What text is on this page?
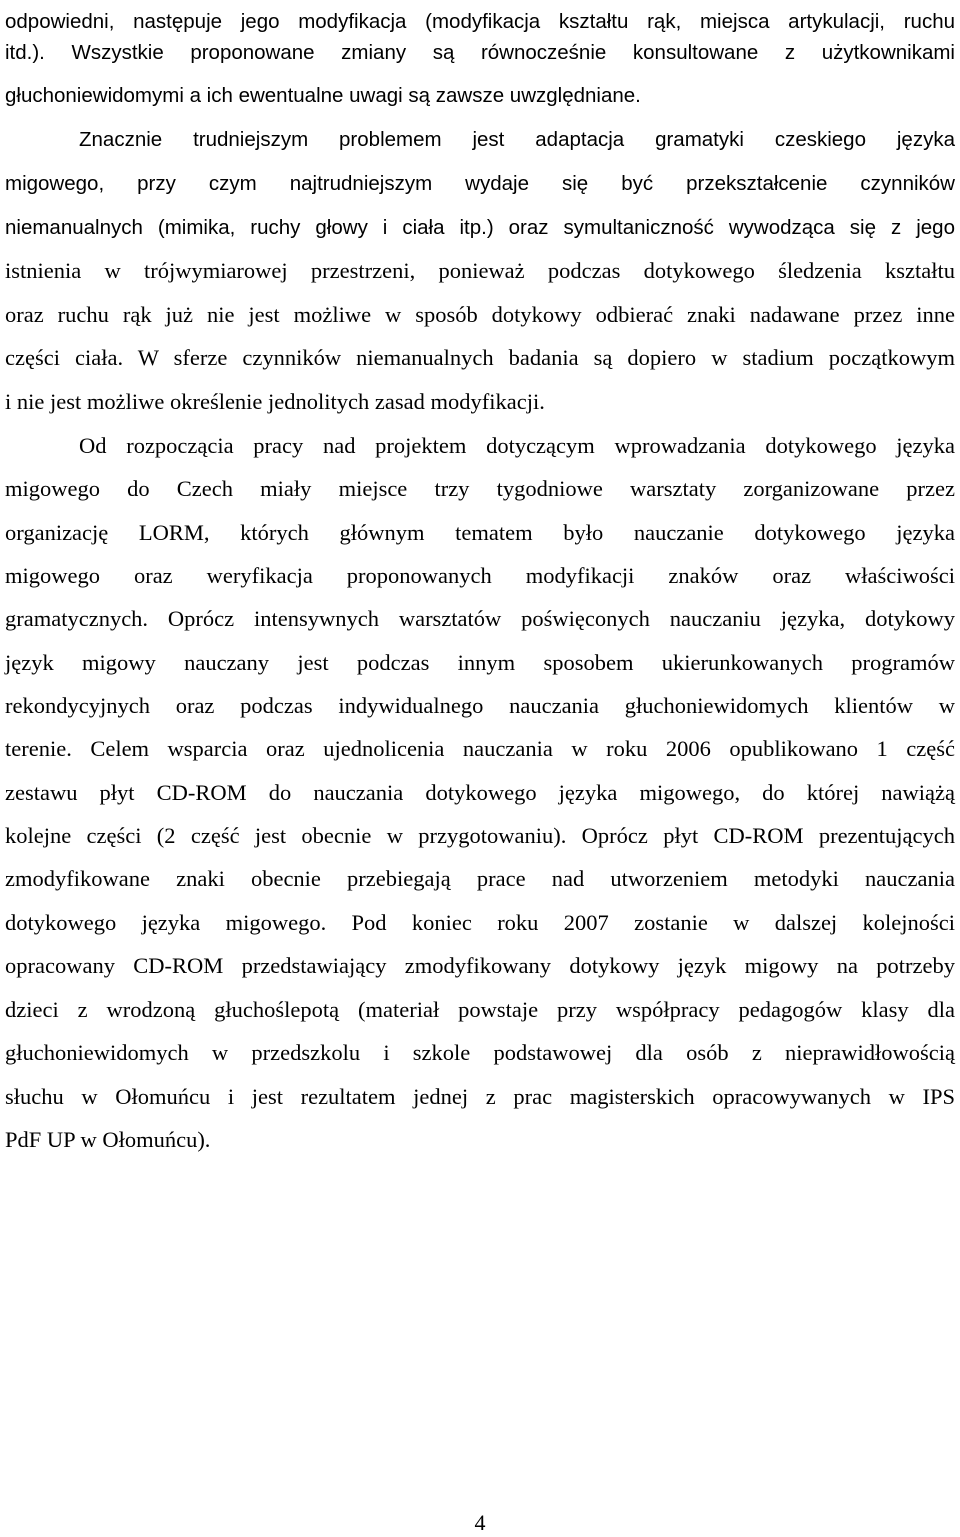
odpowiedni, następuje jego modyfikacja (modyfikacja kształtu rąk, miejsca artykulacji, ruchu
itd.). Wszystkie proponowane zmiany są równocześnie konsultowane z użytkownikami
głuchoniewidomymi a ich ewentualne uwagi są zawsze uwzględniane.
Znacznie trudniejszym problemem jest adaptacja gramatyki czeskiego języka
migowego, przy czym najtrudniejszym wydaje się być przekształcenie czynników
niemanualnych (mimika, ruchy głowy i ciała itp.) oraz symultaniczność wywodząca się z jego
istnienia w trójwymiarowej przestrzeni, ponieważ podczas dotykowego śledzenia kształtu
oraz ruchu rąk już nie jest możliwe w sposób dotykowy odbierać znaki nadawane przez inne
części ciała. W sferze czynników niemanualnych badania są dopiero w stadium początkowym
i nie jest możliwe określenie jednolitych zasad modyfikacji.
Od rozpoczącia pracy nad projektem dotyczącym wprowadzania dotykowego języka
migowego do Czech miały miejsce trzy tygodniowe warsztaty zorganizowane przez
organizację LORM, których głównym tematem było nauczanie dotykowego języka
migowego oraz weryfikacja proponowanych modyfikacji znaków oraz właściwości
gramatycznych. Oprócz intensywnych warsztatów poświęconych nauczaniu języka, dotykowy
język migowy nauczany jest podczas innym sposobem ukierunkowanych programów
rekondycyjnych oraz podczas indywidualnego nauczania głuchoniewidomych klientów w
terenie. Celem wsparcia oraz ujednolicenia nauczania w roku 2006 opublikowano 1 część
zestawu płyt CD-ROM do nauczania dotykowego języka migowego, do której nawiążą
kolejne części (2 część jest obecnie w przygotowaniu). Oprócz płyt CD-ROM prezentujących
zmodyfikowane znaki obecnie przebiegają prace nad utworzeniem metodyki nauczania
dotykowego języka migowego. Pod koniec roku 2007 zostanie w dalszej kolejności
opracowany CD-ROM przedstawiający zmodyfikowany dotykowy język migowy na potrzeby
dzieci z wrodzoną głuchoślepotą (materiał powstaje przy współpracy pedagogów klasy dla
głuchoniewidomych w przedszkolu i szkole podstawowej dla osób z nieprawidłowością
słuchu w Ołomuńcu i jest rezultatem jednej z prac magisterskich opracowywanych w IPS
PdF UP w Ołomuńcu).
4
